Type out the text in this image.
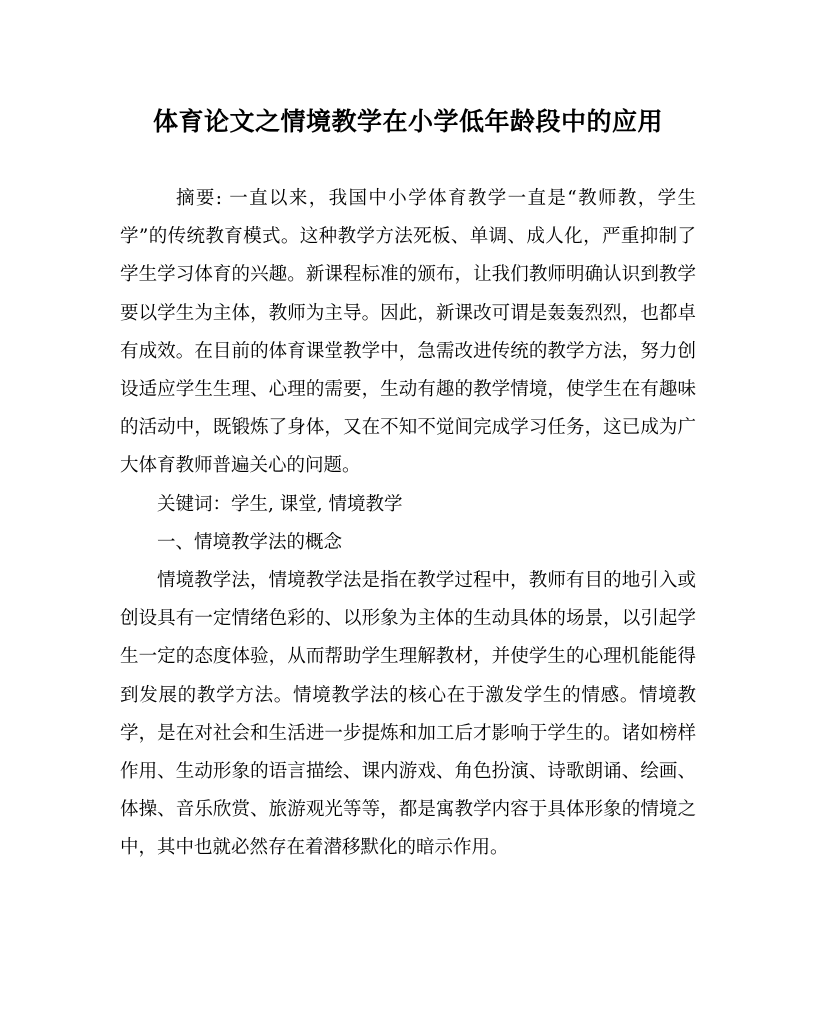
体育论文之情境教学在小学低年龄段中的应用

摘要: 一直以来，我国中小学体育教学一直是“教师教，学生学”的传统教育模式。这种教学方法死板、单调、成人化，严重抑制了学生学习体育的兴趣。新课程标准的颁布，让我们教师明确认识到教学要以学生为主体，教师为主导。因此，新课改可谓是轰轰烈烈，也都卓有成效。在目前的体育课堂教学中，急需改进传统的教学方法，努力创设适应学生生理、心理的需要，生动有趣的教学情境，使学生在有趣味的活动中，既锻炼了身体，又在不知不觉间完成学习任务，这已成为广大体育教师普遍关心的问题。

关键词：学生, 课堂, 情境教学

一、情境教学法的概念

情境教学法，情境教学法是指在教学过程中，教师有目的地引入或创设具有一定情绪色彩的、以形象为主体的生动具体的场景，以引起学生一定的态度体验，从而帮助学生理解教材，并使学生的心理机能能得到发展的教学方法。情境教学法的核心在于激发学生的情感。情境教学，是在对社会和生活进一步提炼和加工后才影响于学生的。诸如榜样作用、生动形象的语言描绘、课内游戏、角色扮演、诗歌朗诵、绘画、体操、音乐欣赏、旅游观光等等，都是寓教学内容于具体形象的情境之中，其中也就必然存在着潜移默化的暗示作用。
